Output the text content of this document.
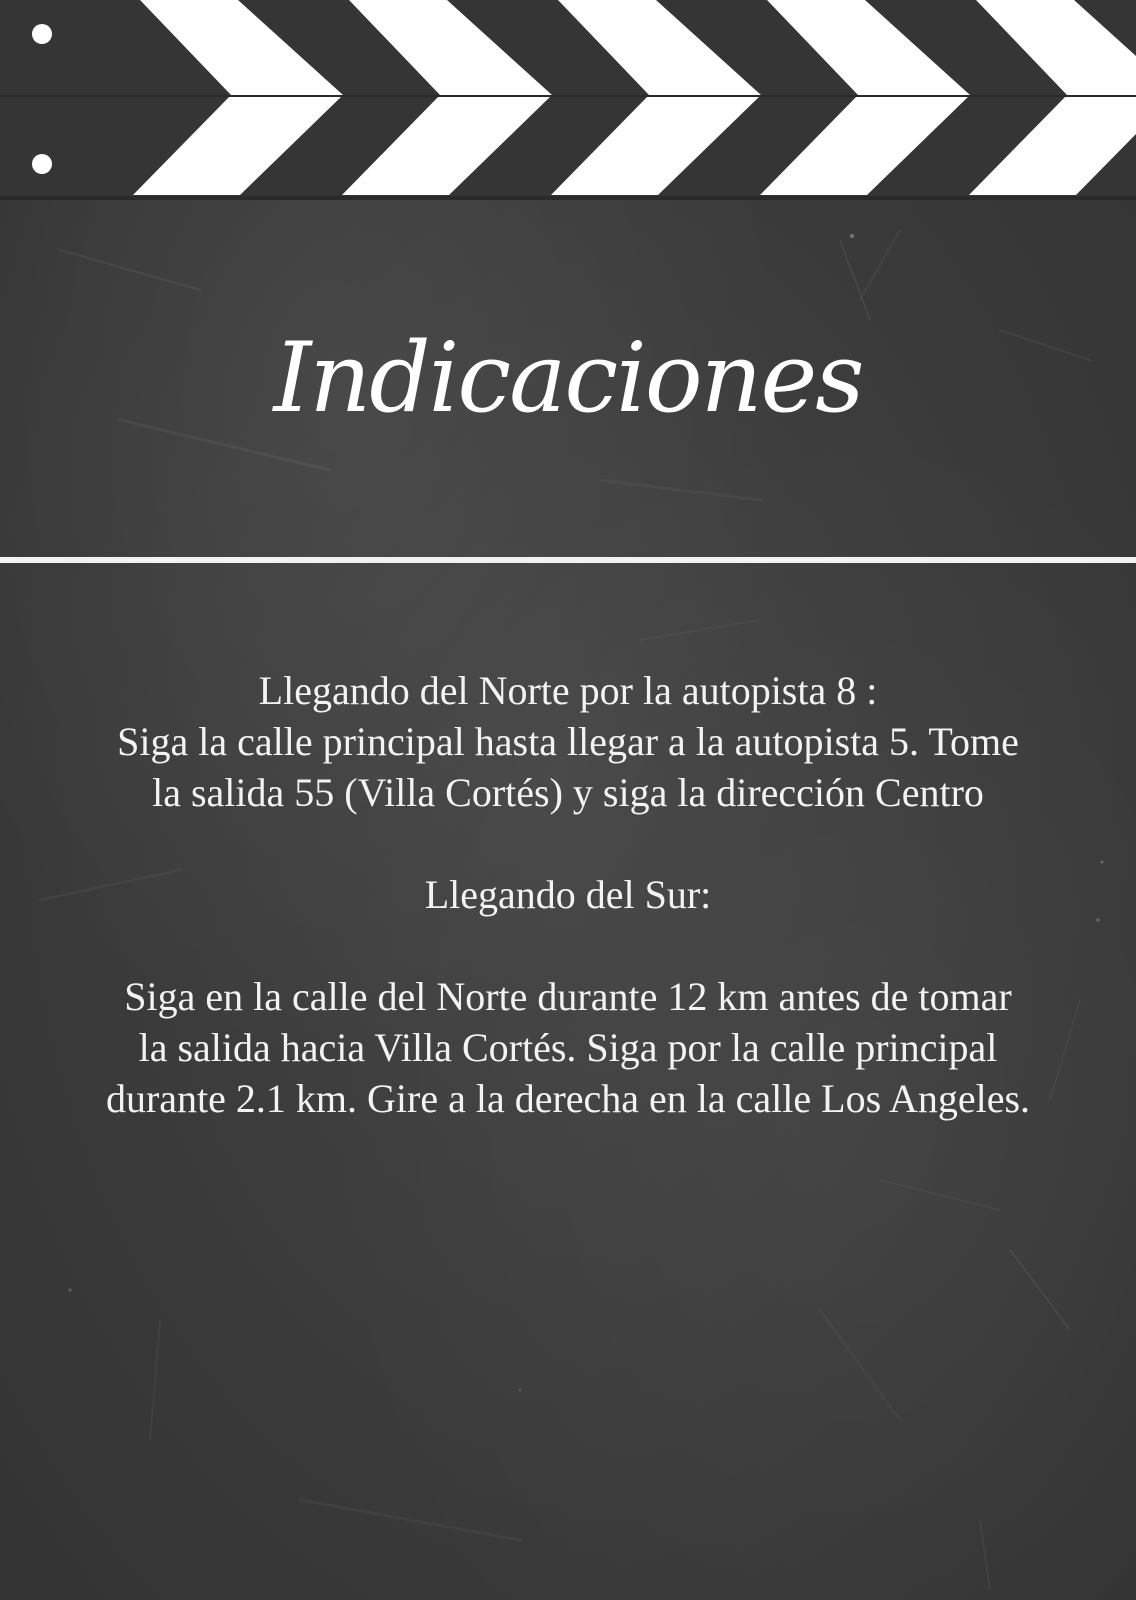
Indicaciones

Llegando del Norte por la autopista 8 :

Siga la calle principal hasta llegar a la autopista 5. Tome

la salida 55 (Villa Cortés) y siga la dirección Centro

Llegando del Sur:

Siga en la calle del Norte durante 12 km antes de tomar

la salida hacia Villa Cortés. Siga por la calle principal

durante 2.1 km. Gire a la derecha en la calle Los Angeles.
